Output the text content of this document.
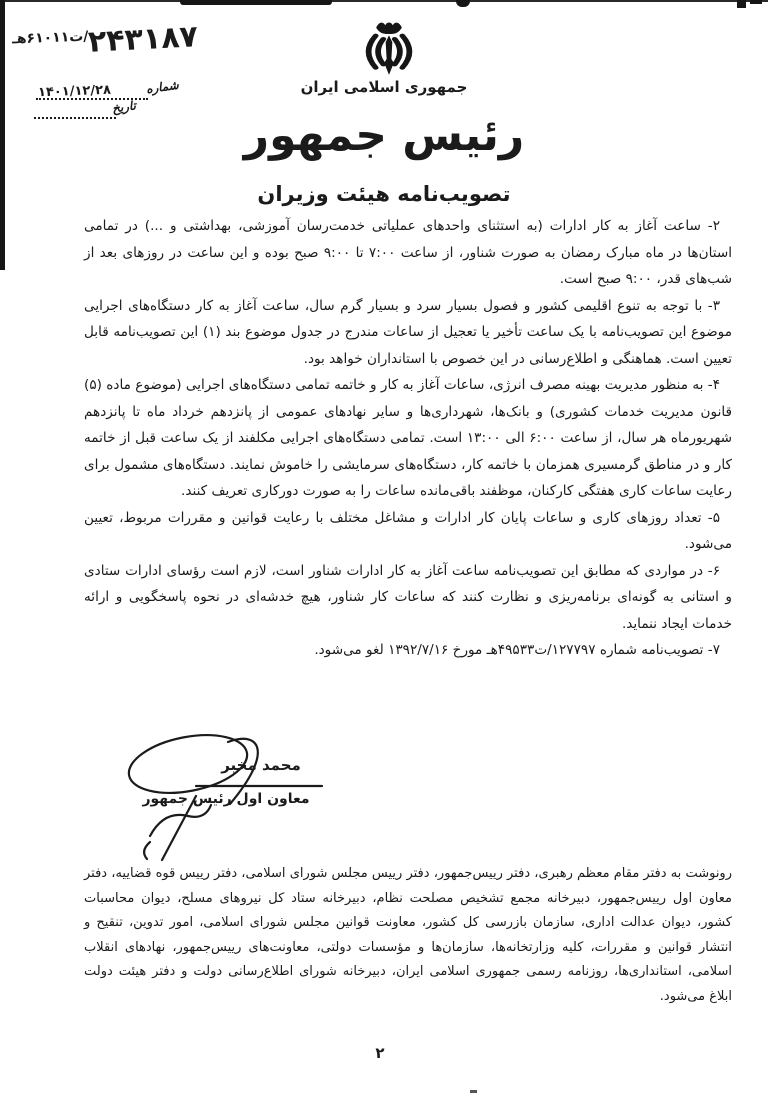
۲۴۳۱۸۷
/ت۶۱۰۱۱هـ
شماره
۱۴۰۱/۱۲/۲۸
تاریخ
جمهوری اسلامی ایران
رئیس جمهور
تصویب‌نامه هیئت وزیران

۲- ساعت آغاز به کار ادارات (به استثنای واحدهای عملیاتی خدمت‌رسان آموزشی، بهداشتی و ...) در تمامی استان‌ها در ماه مبارک رمضان به صورت شناور، از ساعت ۷:۰۰ تا ۹:۰۰ صبح بوده و این ساعت در روزهای بعد از شب‌های قدر، ۹:۰۰ صبح است.

۳- با توجه به تنوع اقلیمی کشور و فصول بسیار سرد و بسیار گرم سال، ساعت آغاز به کار دستگاه‌های اجرایی موضوع این تصویب‌نامه با یک ساعت تأخیر یا تعجیل از ساعات مندرج در جدول موضوع بند (۱) این تصویب‌نامه قابل تعیین است. هماهنگی و اطلاع‌رسانی در این خصوص با استانداران خواهد بود.

۴- به منظور مدیریت بهینه مصرف انرژی، ساعات آغاز به کار و خاتمه تمامی دستگاه‌های اجرایی (موضوع ماده (۵) قانون مدیریت خدمات کشوری) و بانک‌ها، شهرداری‌ها و سایر نهادهای عمومی از پانزدهم خرداد ماه تا پانزدهم شهریورماه هر سال، از ساعت ۶:۰۰ الی ۱۳:۰۰ است. تمامی دستگاه‌های اجرایی مکلفند از یک ساعت قبل از خاتمه کار و در مناطق گرمسیری همزمان با خاتمه کار، دستگاه‌های سرمایشی را خاموش نمایند. دستگاه‌های مشمول برای رعایت ساعات کاری هفتگی کارکنان، موظفند باقی‌مانده ساعات را به صورت دورکاری تعریف کنند.

۵- تعداد روزهای کاری و ساعات پایان کار ادارات و مشاغل مختلف با رعایت قوانین و مقررات مربوط، تعیین می‌شود.

۶- در مواردی که مطابق این تصویب‌نامه ساعت آغاز به کار ادارات شناور است، لازم است رؤسای ادارات ستادی و استانی به گونه‌ای برنامه‌ریزی و نظارت کنند که ساعات کار شناور، هیچ خدشه‌ای در نحوه پاسخگویی و ارائه خدمات ایجاد ننماید.

۷- تصویب‌نامه شماره ۱۲۷۷۹۷/ت۴۹۵۳۳هـ مورخ ۱۳۹۲/۷/۱۶ لغو می‌شود.

محمد مخبر
معاون اول رئیس جمهور
رونوشت به دفتر مقام معظم رهبری، دفتر رییس‌جمهور، دفتر رییس مجلس شورای اسلامی، دفتر رییس قوه قضاییه، دفتر معاون اول رییس‌جمهور، دبیرخانه مجمع تشخیص مصلحت نظام، دبیرخانه ستاد کل نیروهای مسلح، دیوان محاسبات کشور، دیوان عدالت اداری، سازمان بازرسی کل کشور، معاونت قوانین مجلس شورای اسلامی، امور تدوین، تنقیح و انتشار قوانین و مقررات، کلیه وزارتخانه‌ها، سازمان‌ها و مؤسسات دولتی، معاونت‌های رییس‌جمهور، نهادهای انقلاب اسلامی، استانداری‌ها، روزنامه رسمی جمهوری اسلامی ایران، دبیرخانه شورای اطلاع‌رسانی دولت و دفتر هیئت دولت ابلاغ می‌شود.
۲
